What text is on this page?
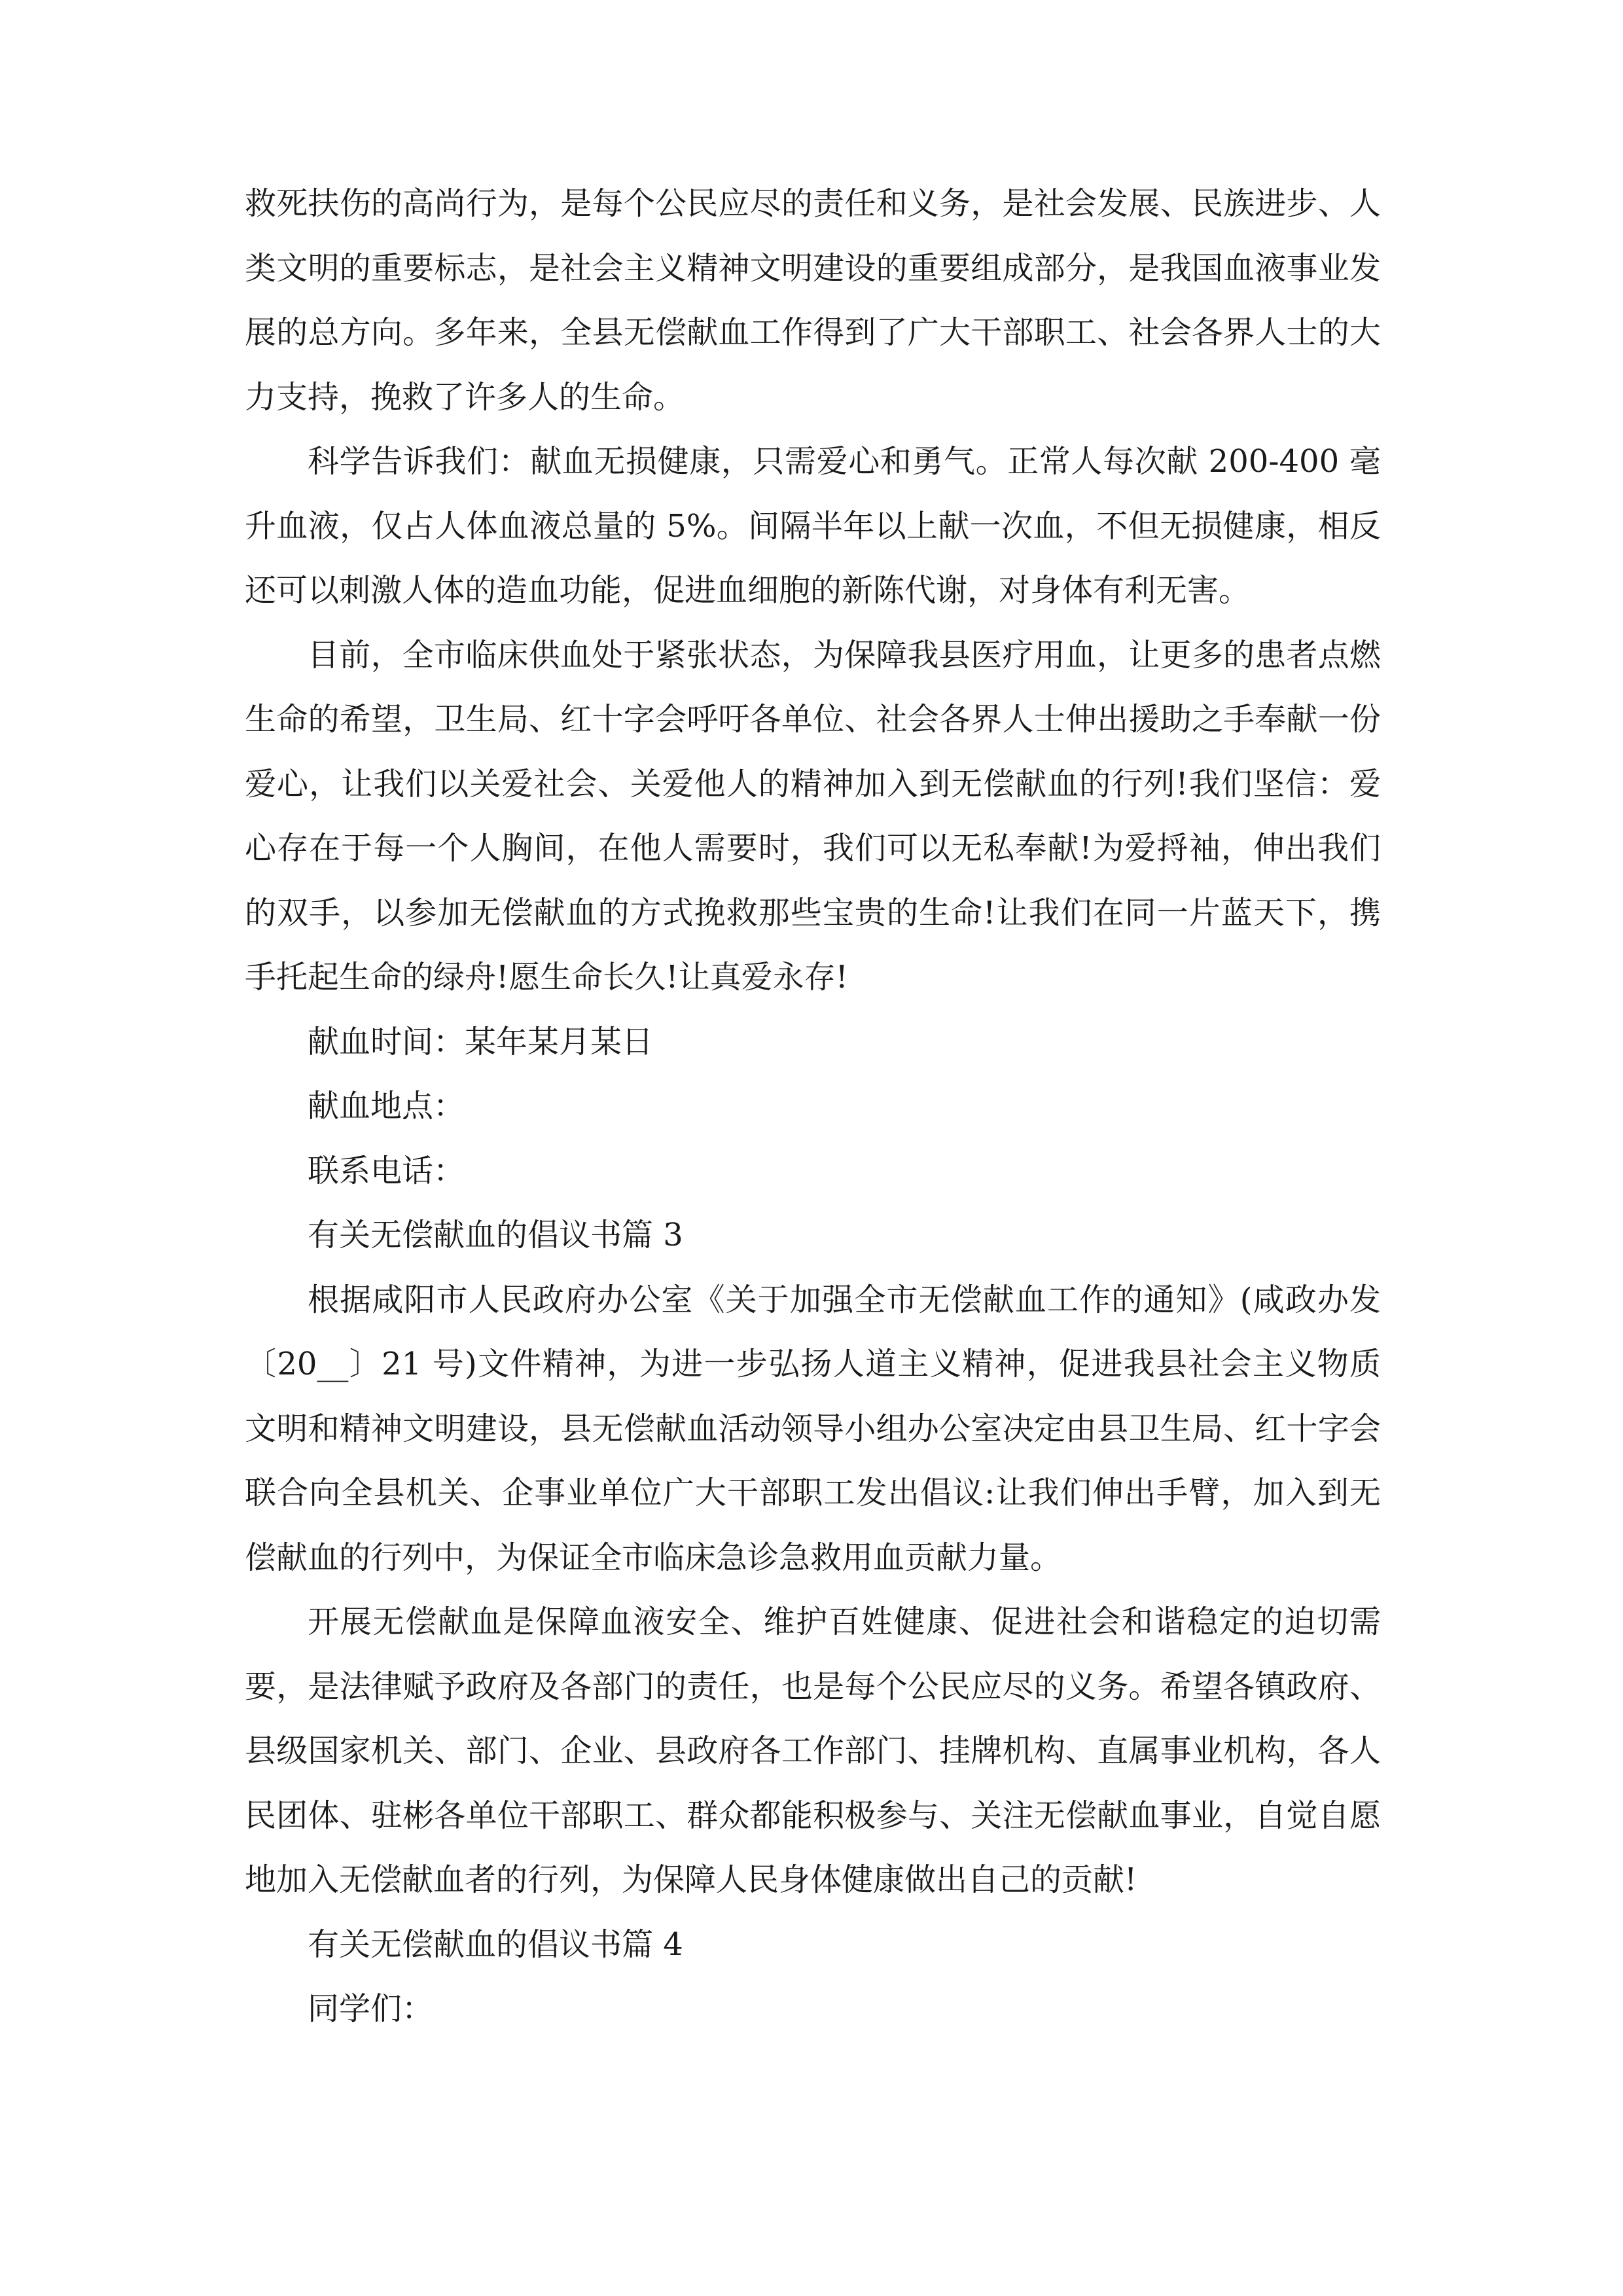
救死扶伤的高尚行为，是每个公民应尽的责任和义务，是社会发展、民族进步、人类文明的重要标志，是社会主义精神文明建设的重要组成部分，是我国血液事业发展的总方向。多年来，全县无偿献血工作得到了广大干部职工、社会各界人士的大力支持，挽救了许多人的生命。

科学告诉我们：献血无损健康，只需爱心和勇气。正常人每次献 200-400 毫升血液，仅占人体血液总量的 5%。间隔半年以上献一次血，不但无损健康，相反还可以刺激人体的造血功能，促进血细胞的新陈代谢，对身体有利无害。

目前，全市临床供血处于紧张状态，为保障我县医疗用血，让更多的患者点燃生命的希望，卫生局、红十字会呼吁各单位、社会各界人士伸出援助之手奉献一份爱心，让我们以关爱社会、关爱他人的精神加入到无偿献血的行列!我们坚信：爱心存在于每一个人胸间，在他人需要时，我们可以无私奉献!为爱捋袖，伸出我们的双手，以参加无偿献血的方式挽救那些宝贵的生命!让我们在同一片蓝天下，携手托起生命的绿舟!愿生命长久!让真爱永存!

献血时间：某年某月某日

献血地点：

联系电话：

有关无偿献血的倡议书篇 3

根据咸阳市人民政府办公室《关于加强全市无偿献血工作的通知》(咸政办发〔20__〕21 号)文件精神，为进一步弘扬人道主义精神，促进我县社会主义物质文明和精神文明建设，县无偿献血活动领导小组办公室决定由县卫生局、红十字会联合向全县机关、企事业单位广大干部职工发出倡议:让我们伸出手臂，加入到无偿献血的行列中，为保证全市临床急诊急救用血贡献力量。

开展无偿献血是保障血液安全、维护百姓健康、促进社会和谐稳定的迫切需要，是法律赋予政府及各部门的责任，也是每个公民应尽的义务。希望各镇政府、县级国家机关、部门、企业、县政府各工作部门、挂牌机构、直属事业机构，各人民团体、驻彬各单位干部职工、群众都能积极参与、关注无偿献血事业，自觉自愿地加入无偿献血者的行列，为保障人民身体健康做出自己的贡献!

有关无偿献血的倡议书篇 4

同学们：
